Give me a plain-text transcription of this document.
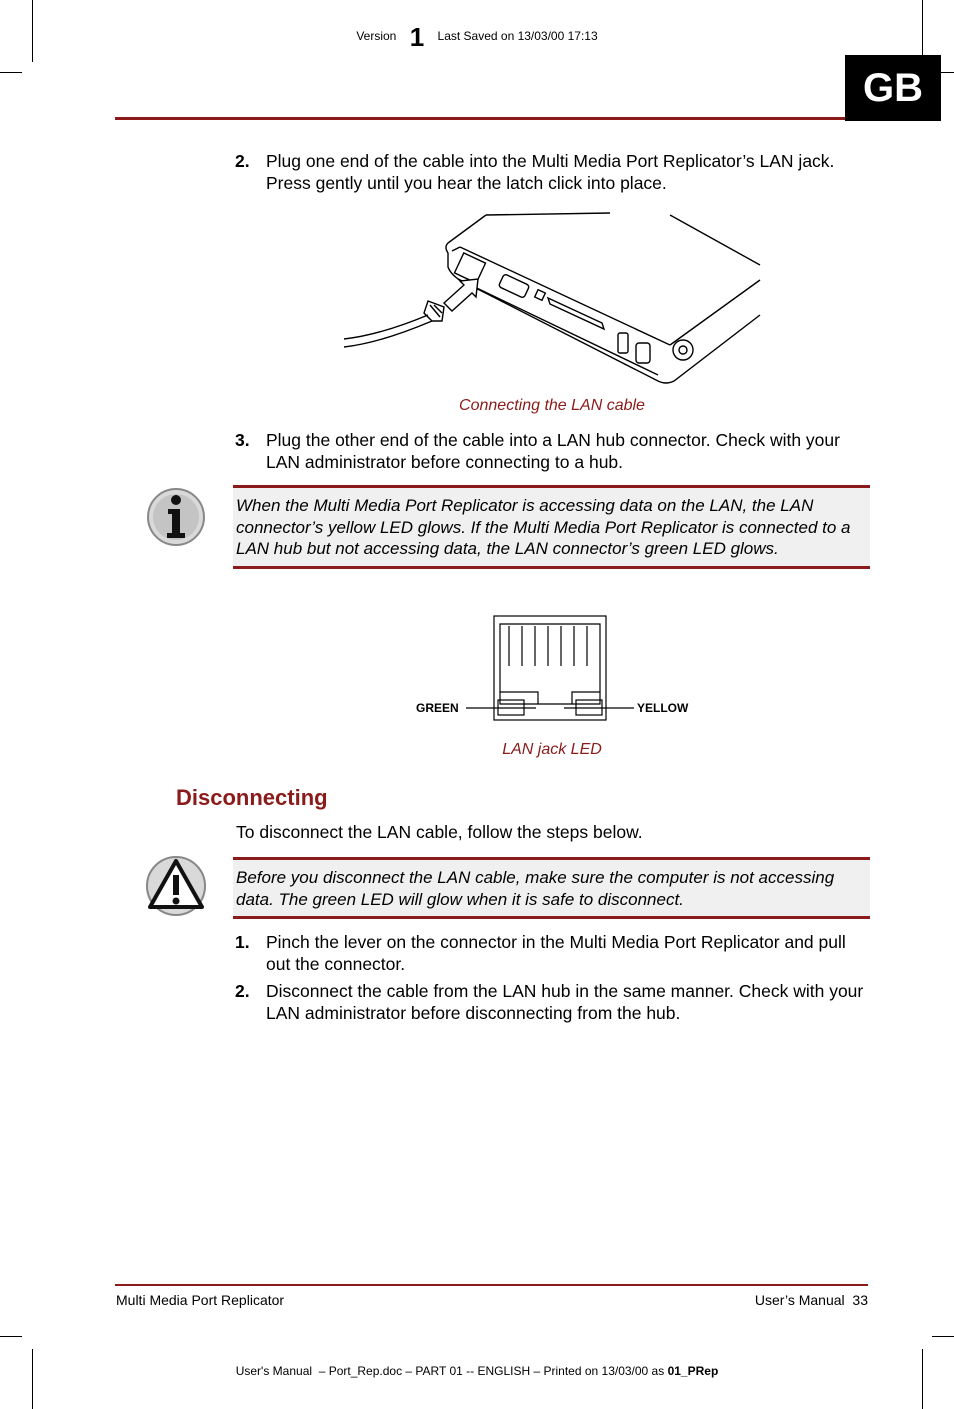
Version 1 Last Saved on 13/03/00 17:13
GB
2. Plug one end of the cable into the Multi Media Port Replicator’s LAN jack. Press gently until you hear the latch click into place.
Connecting the LAN cable
3. Plug the other end of the cable into a LAN hub connector. Check with your LAN administrator before connecting to a hub.
When the Multi Media Port Replicator is accessing data on the LAN, the LAN connector’s yellow LED glows. If the Multi Media Port Replicator is connected to a LAN hub but not accessing data, the LAN connector’s green LED glows.
GREEN	YELLOW
LAN jack LED
Disconnecting
To disconnect the LAN cable, follow the steps below.
Before you disconnect the LAN cable, make sure the computer is not accessing data. The green LED will glow when it is safe to disconnect.
1. Pinch the lever on the connector in the Multi Media Port Replicator and pull out the connector.
2. Disconnect the cable from the LAN hub in the same manner. Check with your LAN administrator before disconnecting from the hub.
Multi Media Port Replicator	User’s Manual  33
User's Manual  – Port_Rep.doc – PART 01 -- ENGLISH – Printed on 13/03/00 as 01_PRep
